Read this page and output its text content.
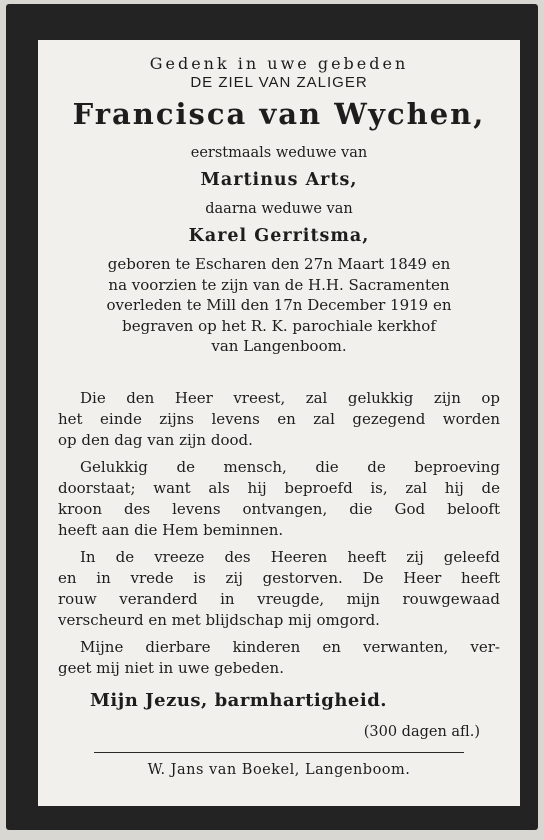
Gedenk in uwe gebeden
DE ZIEL VAN ZALIGER
Francisca van Wychen,
eerstmaals weduwe van
Martinus Arts,
daarna weduwe van
Karel Gerritsma,
geboren te Escharen den 27n Maart 1849 en
na voorzien te zijn van de H.H. Sacramenten
overleden te Mill den 17n December 1919 en
begraven op het R. K. parochiale kerkhof
van Langenboom.

Die den Heer vreest, zal gelukkig zijn op
het einde zijns levens en zal gezegend worden
op den dag van zijn dood.

Gelukkig de mensch, die de beproeving
doorstaat; want als hij beproefd is, zal hij de
kroon des levens ontvangen, die God belooft
heeft aan die Hem beminnen.

In de vreeze des Heeren heeft zij geleefd
en in vrede is zij gestorven. De Heer heeft
rouw veranderd in vreugde, mijn rouwgewaad
verscheurd en met blijdschap mij omgord.

Mijne dierbare kinderen en verwanten, ver-
geet mij niet in uwe gebeden.

Mijn Jezus, barmhartigheid.
(300 dagen afl.)
W. Jans van Boekel, Langenboom.
